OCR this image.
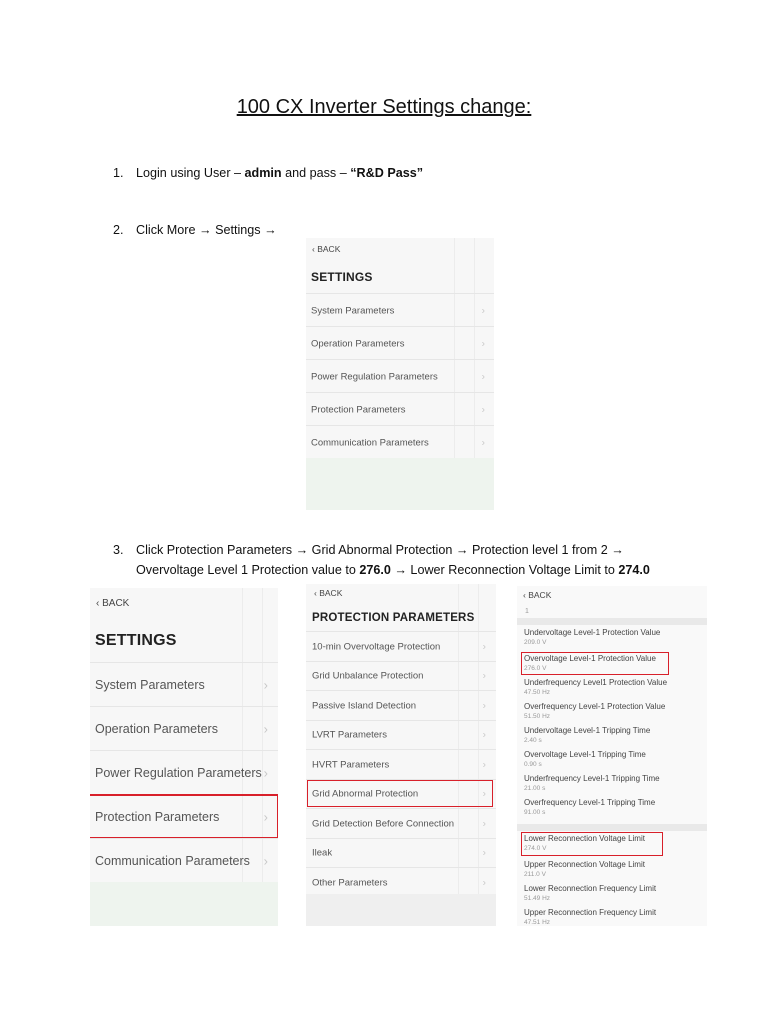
100 CX Inverter Settings change:
1. Login using User – admin and pass – “R&D Pass”
2. Click More → Settings →
‹ BACK
SETTINGS
System Parameters	›
Operation Parameters	›
Power Regulation Parameters	›
Protection Parameters	›
Communication Parameters	›
3. Click Protection Parameters → Grid Abnormal Protection → Protection level 1 from 2 →
Overvoltage Level 1 Protection value to 276.0 → Lower Reconnection Voltage Limit to 274.0
‹ BACK
SETTINGS
System Parameters	›
Operation Parameters	›
Power Regulation Parameters ›
Protection Parameters	›
Communication Parameters ›
‹ BACK
PROTECTION PARAMETERS
10-min Overvoltage Protection	›
Grid Unbalance Protection	›
Passive Island Detection	›
LVRT Parameters	›
HVRT Parameters	›
Grid Abnormal Protection	›
Grid Detection Before Connection	›
Ileak	›
Other Parameters	›
‹ BACK
1
Undervoltage Level-1 Protection Value
209.0 V
Overvoltage Level-1 Protection Value
276.0 V
Underfrequency Level1 Protection Value
47.50 Hz
Overfrequency Level-1 Protection Value
51.50 Hz
Undervoltage Level-1 Tripping Time
2.40 s
Overvoltage Level-1 Tripping Time
0.90 s
Underfrequency Level-1 Tripping Time
21.00 s
Overfrequency Level-1 Tripping Time
91.00 s
Lower Reconnection Voltage Limit
274.0 V
Upper Reconnection Voltage Limit
211.0 V
Lower Reconnection Frequency Limit
51.49 Hz
Upper Reconnection Frequency Limit
47.51 Hz
